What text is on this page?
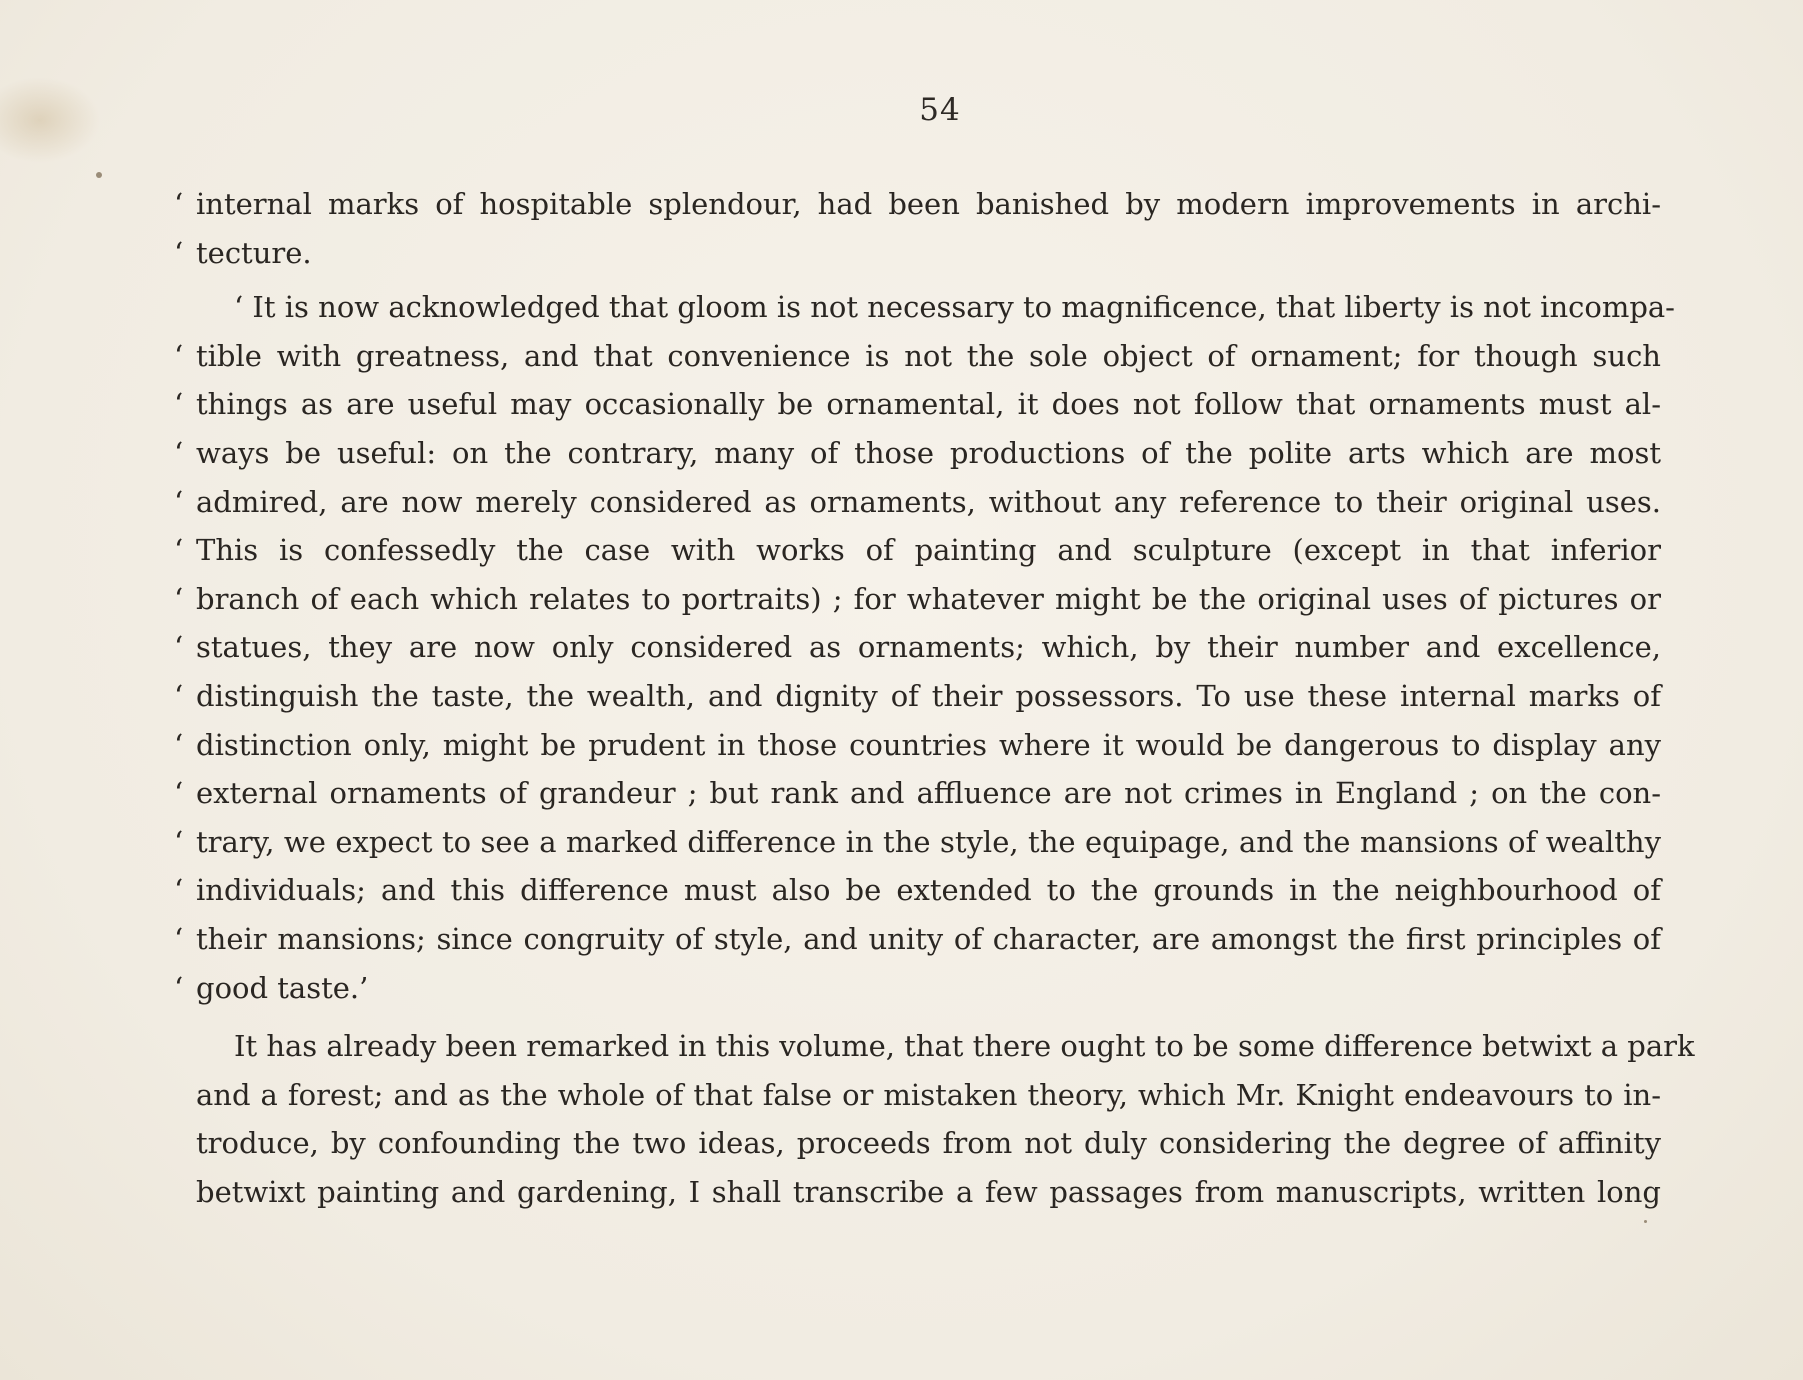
54
‘ internal marks of hospitable splendour, had been banished by modern improvements in archi-
‘ tecture.
‘ It is now acknowledged that gloom is not necessary to magnificence, that liberty is not incompa-
‘ tible with greatness, and that convenience is not the sole object of ornament; for though such
‘ things as are useful may occasionally be ornamental, it does not follow that ornaments must al-
‘ ways be useful: on the contrary, many of those productions of the polite arts which are most
‘ admired, are now merely considered as ornaments, without any reference to their original uses.
‘ This is confessedly the case with works of painting and sculpture (except in that inferior
‘ branch of each which relates to portraits) ; for whatever might be the original uses of pictures or
‘ statues, they are now only considered as ornaments; which, by their number and excellence,
‘ distinguish the taste, the wealth, and dignity of their possessors. To use these internal marks of
‘ distinction only, might be prudent in those countries where it would be dangerous to display any
‘ external ornaments of grandeur ; but rank and affluence are not crimes in England ; on the con-
‘ trary, we expect to see a marked difference in the style, the equipage, and the mansions of wealthy
‘ individuals; and this difference must also be extended to the grounds in the neighbourhood of
‘ their mansions; since congruity of style, and unity of character, are amongst the first principles of
‘ good taste.’
It has already been remarked in this volume, that there ought to be some difference betwixt a park
and a forest; and as the whole of that false or mistaken theory, which Mr. Knight endeavours to in-
troduce, by confounding the two ideas, proceeds from not duly considering the degree of affinity
betwixt painting and gardening, I shall transcribe a few passages from manuscripts, written long
